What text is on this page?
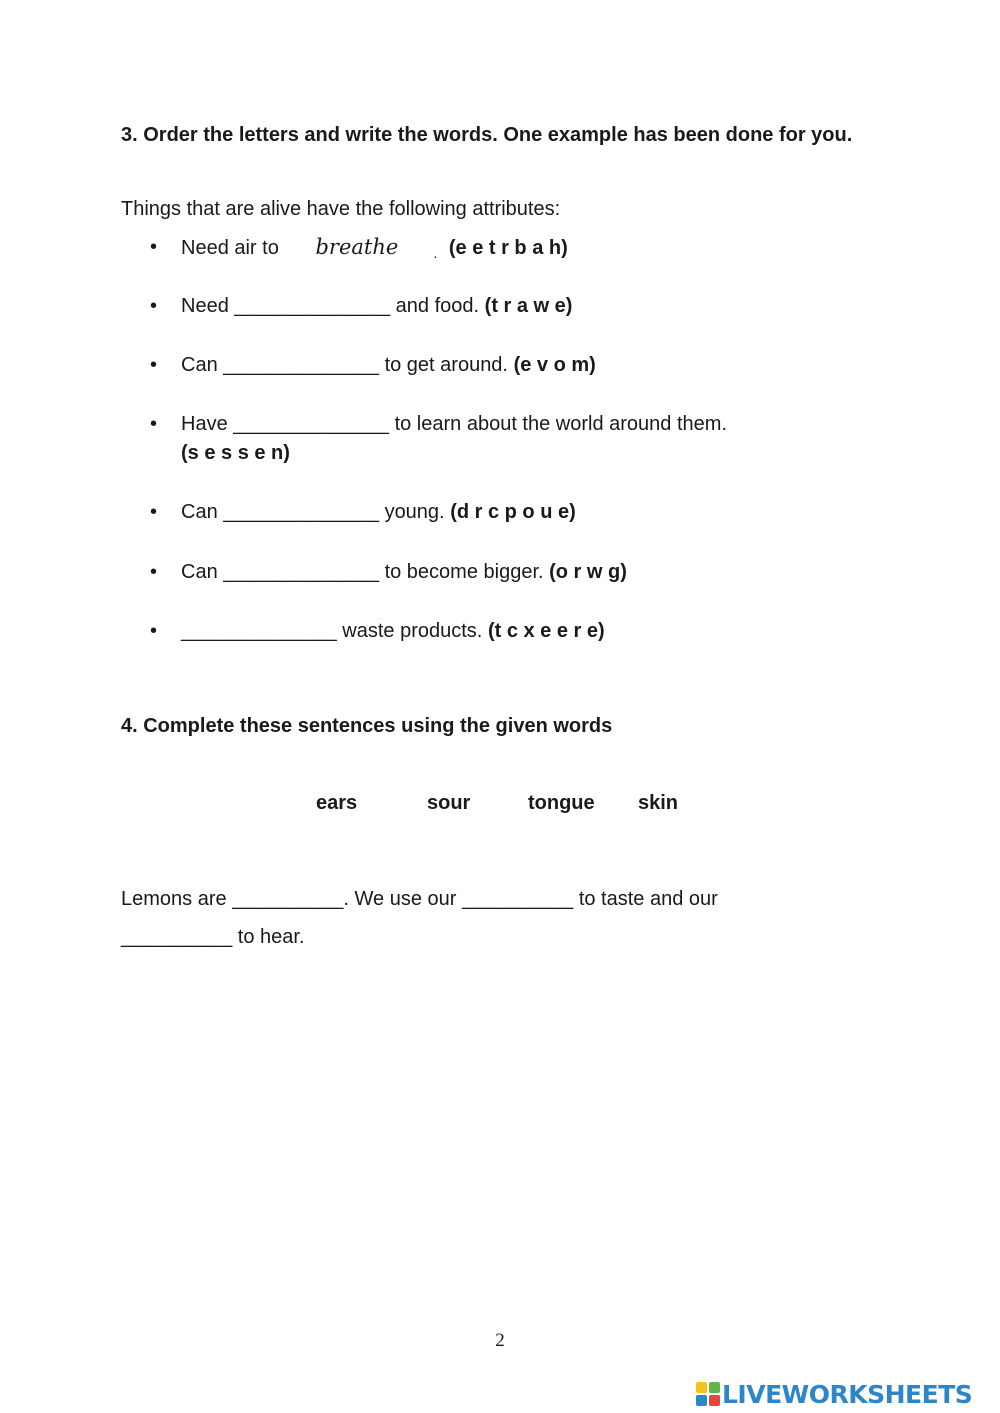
3. Order the letters and write the words. One example has been done for you.
Things that are alive have the following attributes:
•	Need air to breathe	$_.$ (e e t r b a h)
•	Need ______________ and food. (t r a w e)
•	Can ______________ to get around. (e v o m)
•	Have ______________ to learn about the world around them.
(s e s s e n)
•	Can ______________ young. (d r c p o u e)
•	Can ______________ to become bigger. (o r w g)
•	______________ waste products. (t c x e e r e)
4. Complete these sentences using the given words
ears	sour	tongue skin
Lemons are __________. We use our __________ to taste and our
__________ to hear.
2
LIVEWORKSHEETS
